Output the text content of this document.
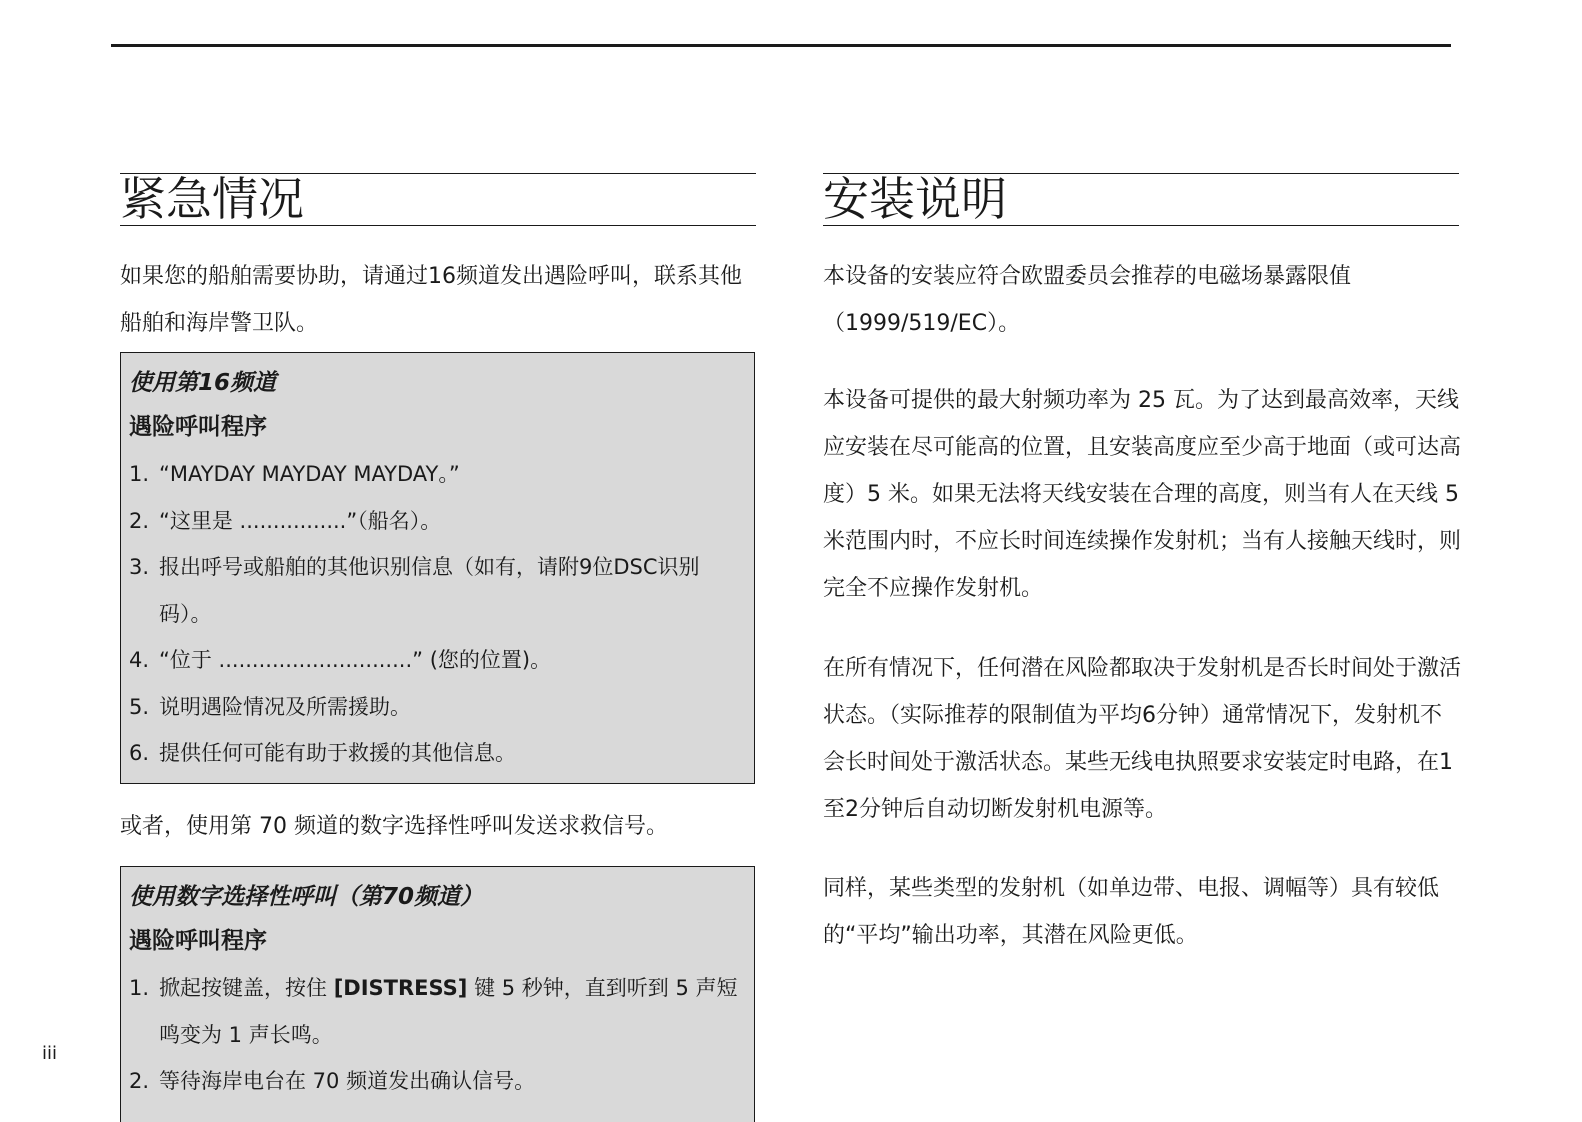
紧急情况

如果您的船舶需要协助，请通过16频道发出遇险呼叫，联系其他船舶和海岸警卫队。

使用第16频道

遇险呼叫程序

1. “MAYDAY MAYDAY MAYDAY。”
2. “这里是 ................”（船名）。
3. 报出呼号或船舶的其他识别信息（如有，请附9位DSC识别码）。
4. “位于 .............................” (您的位置)。
5. 说明遇险情况及所需援助。
6. 提供任何可能有助于救援的其他信息。

或者，使用第 70 频道的数字选择性呼叫发送求救信号。

使用数字选择性呼叫（第70频道）

遇险呼叫程序

1. 掀起按键盖，按住 [DISTRESS] 键 5 秒钟，直到听到 5 声短鸣变为 1 声长鸣。
2. 等待海岸电台在 70 频道发出确认信号。
安装说明

本设备的安装应符合欧盟委员会推荐的电磁场暴露限值（1999/519/EC）。

本设备可提供的最大射频功率为 25 瓦。为了达到最高效率，天线应安装在尽可能高的位置，且安装高度应至少高于地面（或可达高度）5 米。如果无法将天线安装在合理的高度，则当有人在天线 5 米范围内时，不应长时间连续操作发射机；当有人接触天线时，则完全不应操作发射机。

在所有情况下，任何潜在风险都取决于发射机是否长时间处于激活状态。（实际推荐的限制值为平均6分钟）通常情况下，发射机不会长时间处于激活状态。某些无线电执照要求安装定时电路，在1至2分钟后自动切断发射机电源等。

同样，某些类型的发射机（如单边带、电报、调幅等）具有较低的“平均”输出功率，其潜在风险更低。

iii
